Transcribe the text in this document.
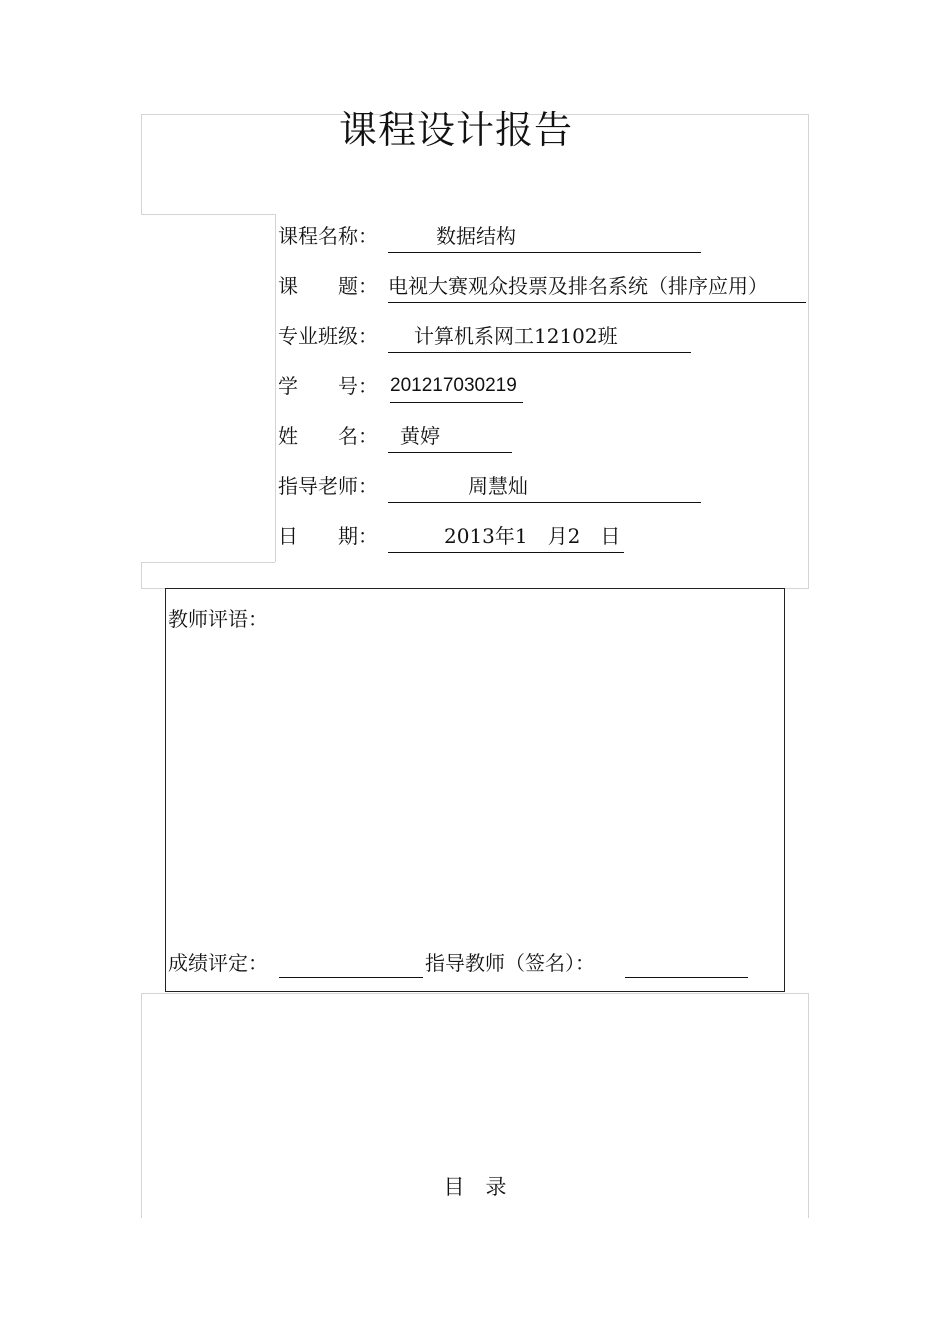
课程设计报告
课程名称：	数据结构
课　　题： 电视大赛观众投票及排名系统（排序应用）
专业班级：	计算机系网工12102班
学　　号： 201217030219
姓　　名：	黄婷
指导老师：	周慧灿
日　　期：	2013年1　月2　日
教师评语：
成绩评定：	指导教师（签名）：
目　录
